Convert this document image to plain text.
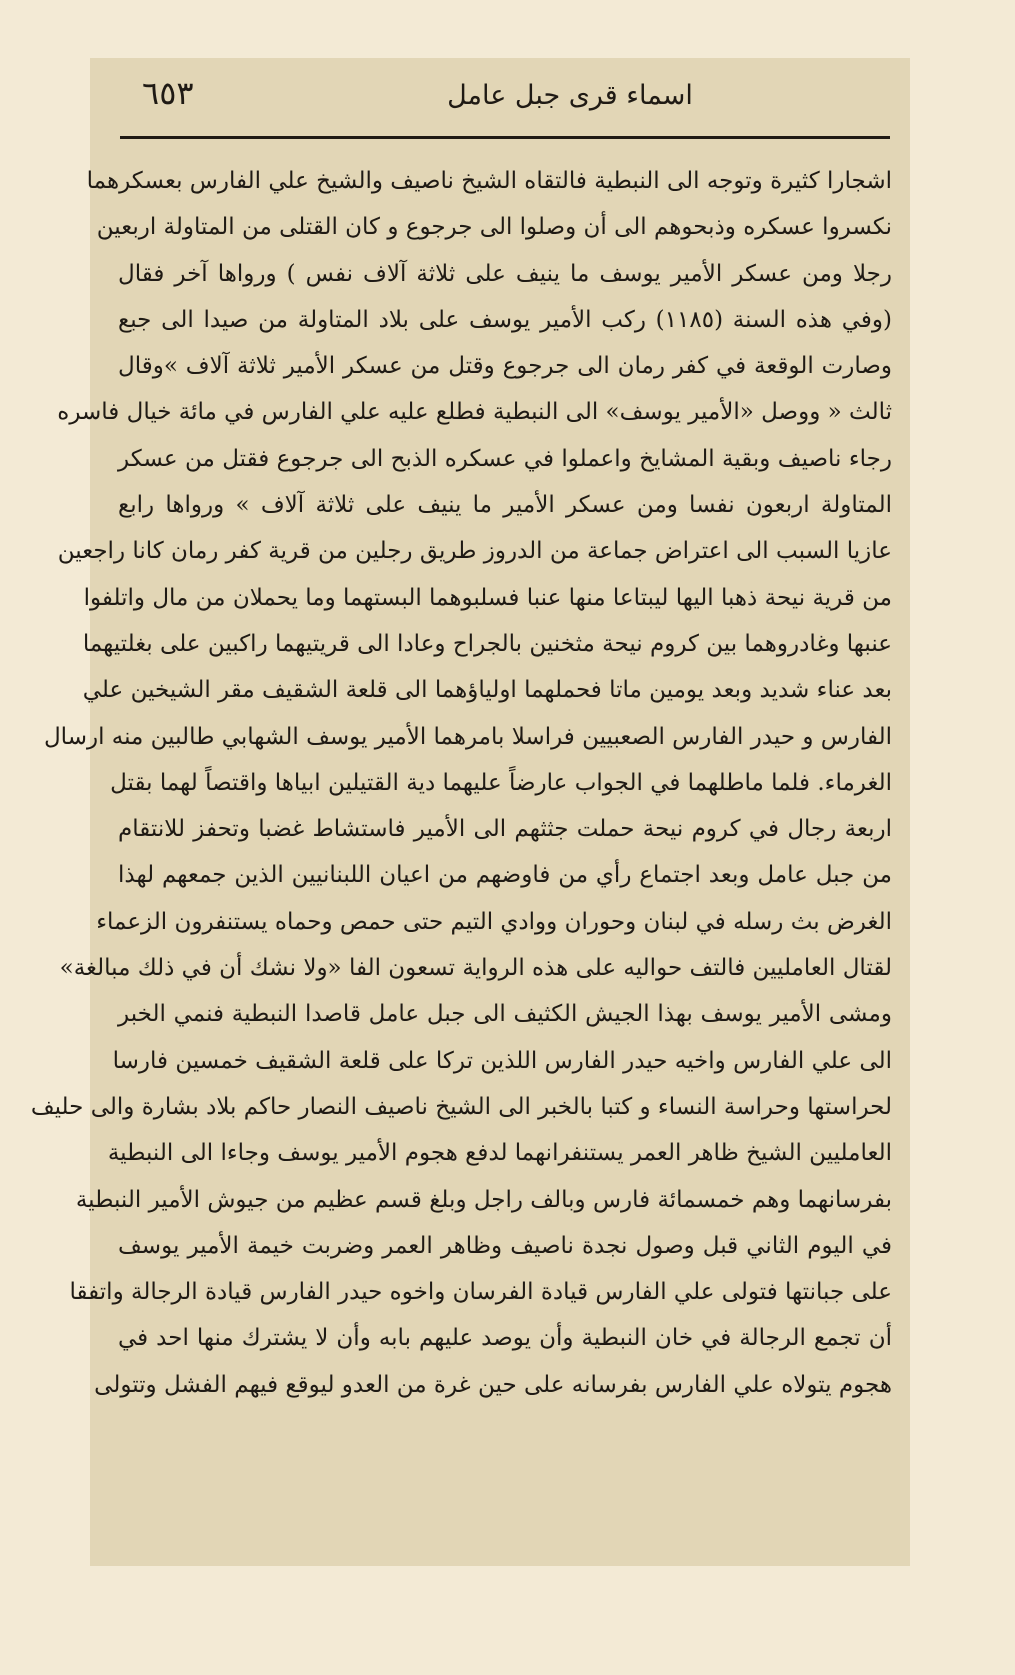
٦٥٣	اسماء قرى جبل عامل
اشجارا كثيرة وتوجه الى النبطية فالتقاه الشيخ ناصيف والشيخ علي الفارس بعسكرهما
نكسروا عسكره وذبحوهم الى أن وصلوا الى جرجوع و كان القتلى من المتاولة اربعين
رجلا ومن عسكر الأمير يوسف ما ينيف على ثلاثة آلاف نفس ) ورواها آخر فقال
(وفي هذه السنة (١١٨٥) ركب الأمير يوسف على بلاد المتاولة من صيدا الى جبع
وصارت الوقعة في كفر رمان الى جرجوع وقتل من عسكر الأمير ثلاثة آلاف »وقال
ثالث « ووصل «الأمير يوسف» الى النبطية فطلع عليه علي الفارس في مائة خيال فاسره
رجاء ناصيف وبقية المشايخ واعملوا في عسكره الذبح الى جرجوع فقتل من عسكر
المتاولة اربعون نفسا ومن عسكر الأمير ما ينيف على ثلاثة آلاف » ورواها رابع
عازيا السبب الى اعتراض جماعة من الدروز طريق رجلين من قرية كفر رمان كانا راجعين
من قرية نيحة ذهبا اليها ليبتاعا منها عنبا فسلبوهما البستهما وما يحملان من مال واتلفوا
عنبها وغادروهما بين كروم نيحة مثخنين بالجراح وعادا الى قريتيهما راكبين على بغلتيهما
بعد عناء شديد وبعد يومين ماتا فحملهما اولياؤهما الى قلعة الشقيف مقر الشيخين علي
الفارس و حيدر الفارس الصعبيين فراسلا بامرهما الأمير يوسف الشهابي طالبين منه ارسال
الغرماء. فلما ماطلهما في الجواب عارضاً عليهما دية القتيلين ابياها واقتصاً لهما بقتل
اربعة رجال في كروم نيحة حملت جثثهم الى الأمير فاستشاط غضبا وتحفز للانتقام
من جبل عامل وبعد اجتماع رأي من فاوضهم من اعيان اللبنانيين الذين جمعهم لهذا
الغرض بث رسله في لبنان وحوران ووادي التيم حتى حمص وحماه يستنفرون الزعماء
لقتال العامليين فالتف حواليه على هذه الرواية تسعون الفا «ولا نشك أن في ذلك مبالغة»
ومشى الأمير يوسف بهذا الجيش الكثيف الى جبل عامل قاصدا النبطية فنمي الخبر
الى علي الفارس واخيه حيدر الفارس اللذين تركا على قلعة الشقيف خمسين فارسا
لحراستها وحراسة النساء و كتبا بالخبر الى الشيخ ناصيف النصار حاكم بلاد بشارة والى حليف
العامليين الشيخ ظاهر العمر يستنفرانهما لدفع هجوم الأمير يوسف وجاءا الى النبطية
بفرسانهما وهم خمسمائة فارس وبالف راجل وبلغ قسم عظيم من جيوش الأمير النبطية
في اليوم الثاني قبل وصول نجدة ناصيف وظاهر العمر وضربت خيمة الأمير يوسف
على جبانتها فتولى علي الفارس قيادة الفرسان واخوه حيدر الفارس قيادة الرجالة واتفقا
أن تجمع الرجالة في خان النبطية وأن يوصد عليهم بابه وأن لا يشترك منها احد في
هجوم يتولاه علي الفارس بفرسانه على حين غرة من العدو ليوقع فيهم الفشل وتتولى
